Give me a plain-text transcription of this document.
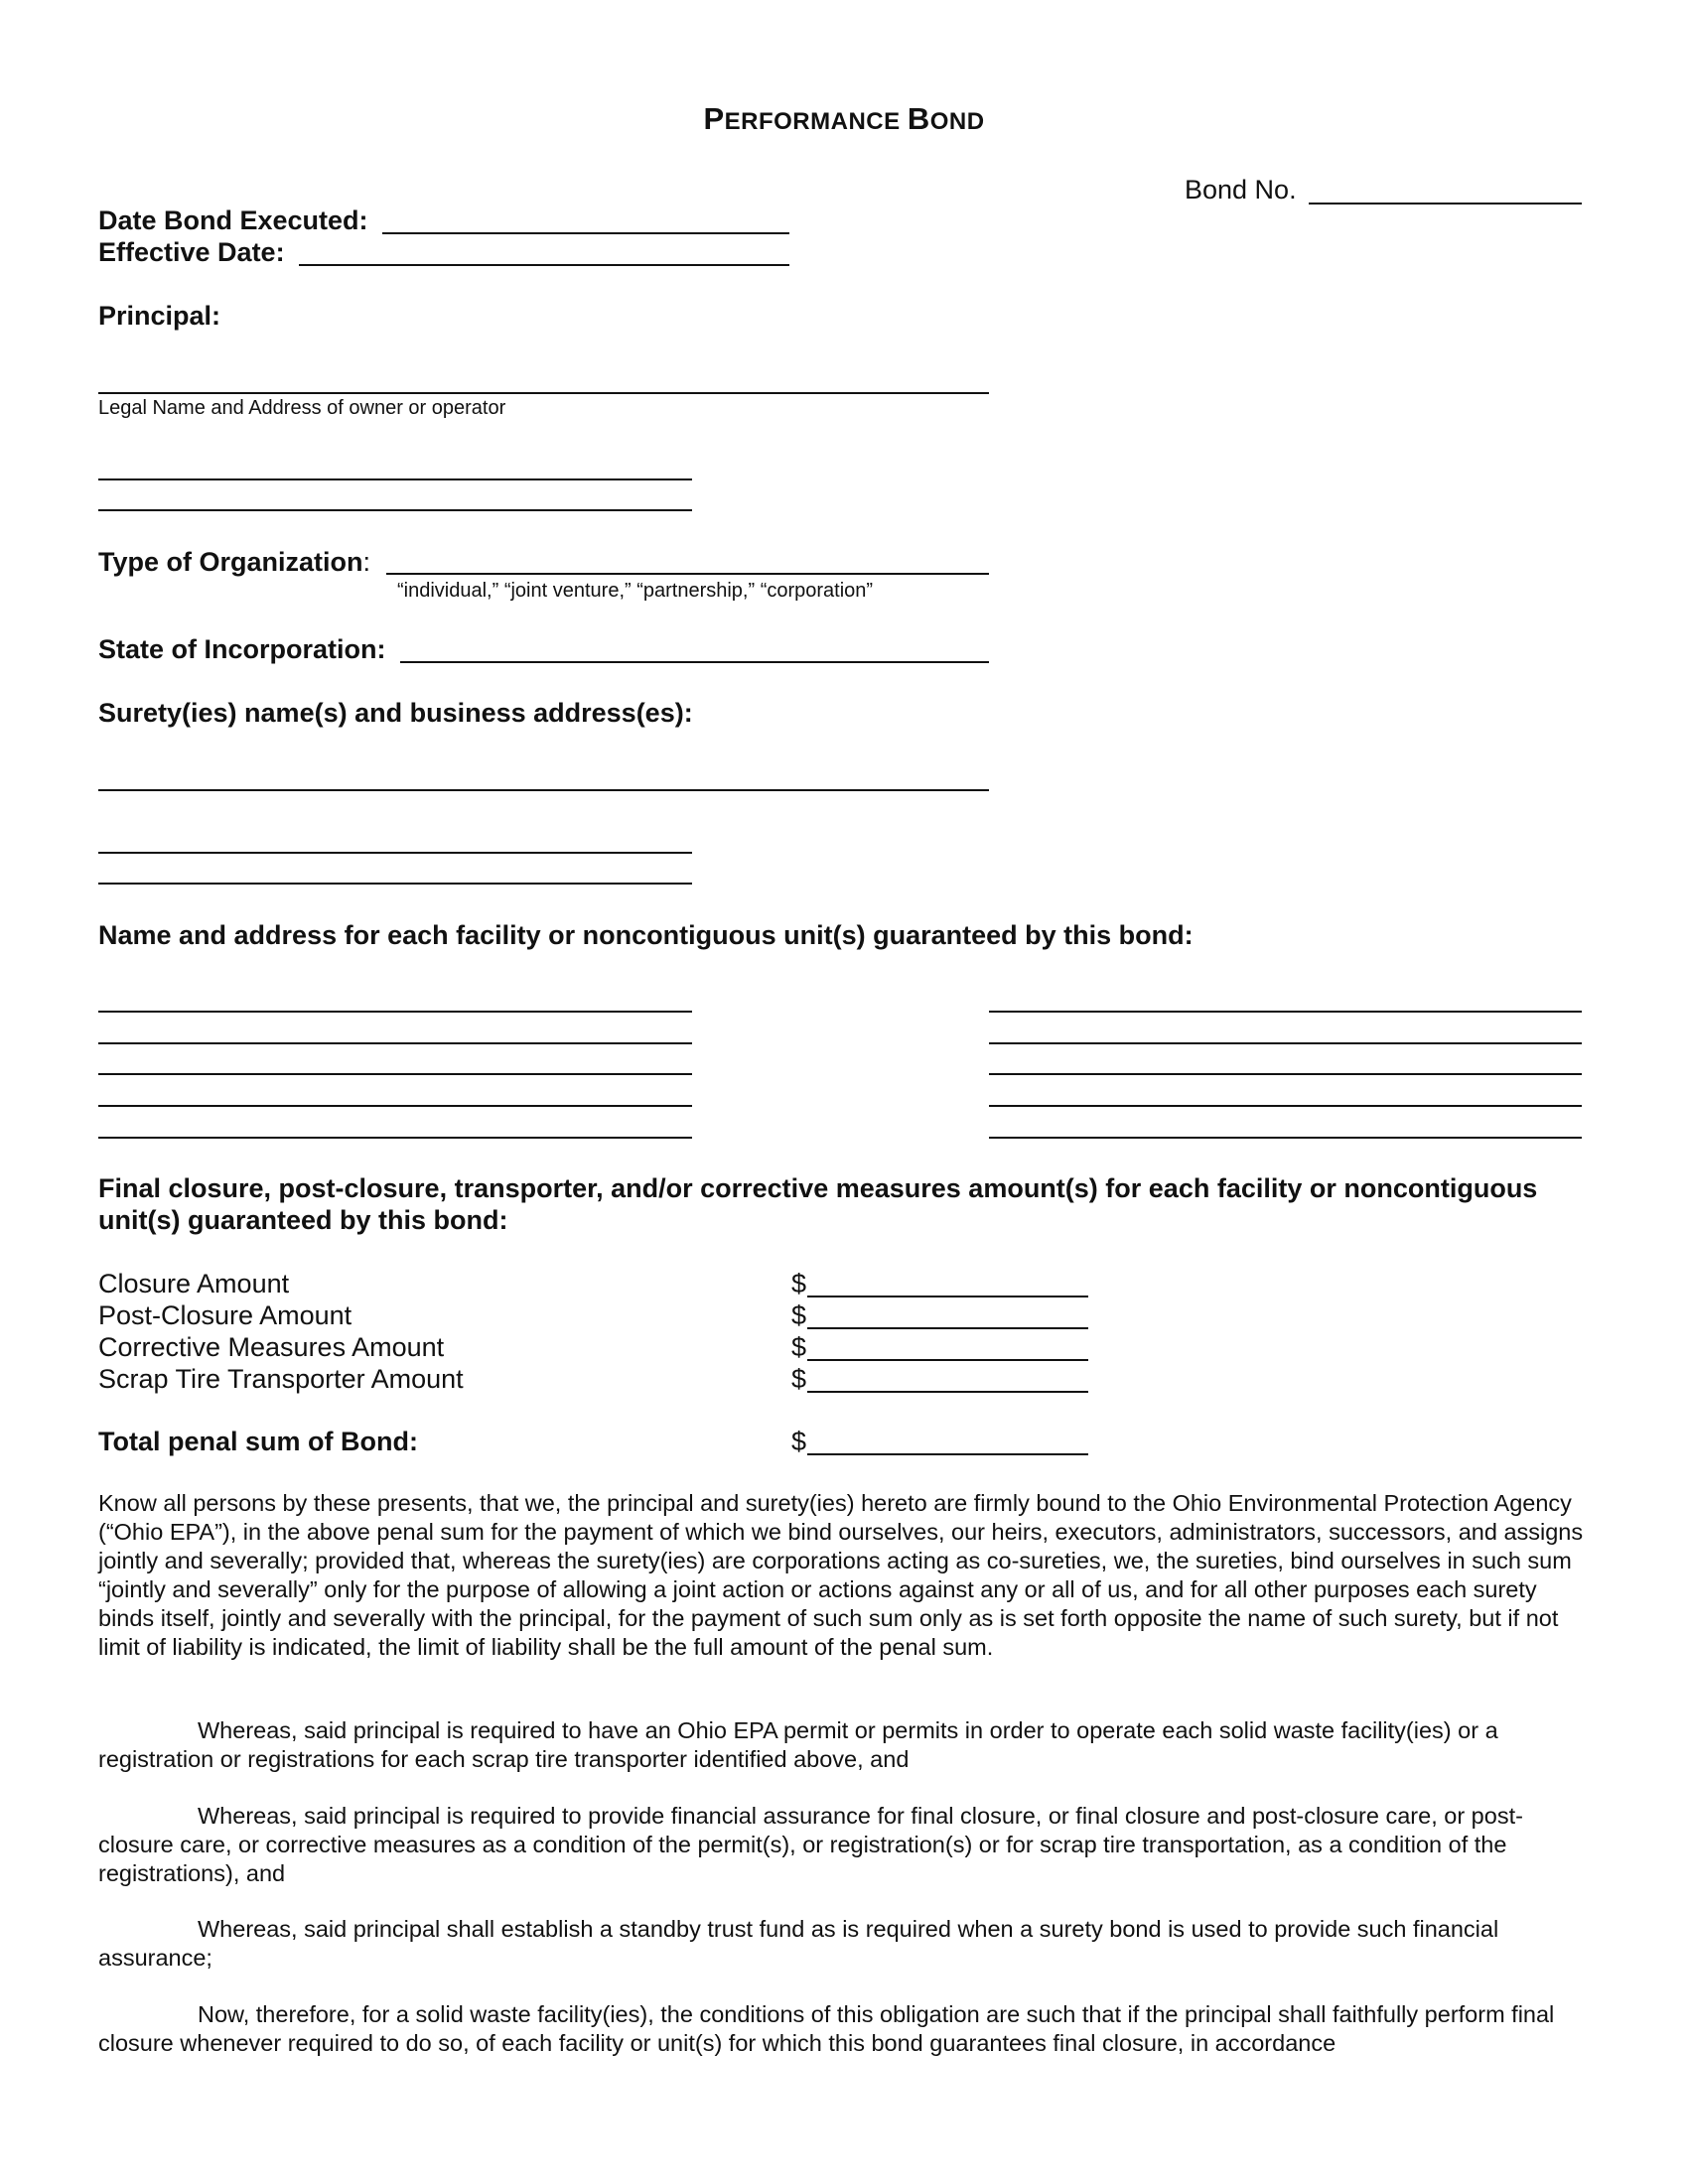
PERFORMANCE BOND
Bond No.
Date Bond Executed:
Effective Date:
Principal:
Legal Name and Address of owner or operator
Type of Organization:
“individual,” “joint venture,” “partnership,” “corporation”
State of Incorporation:
Surety(ies) name(s) and business address(es):
Name and address for each facility or noncontiguous unit(s) guaranteed by this bond:
Final closure, post-closure, transporter, and/or corrective measures amount(s) for each facility or noncontiguous
unit(s) guaranteed by this bond:
Closure Amount	$
Post-Closure Amount	$
Corrective Measures Amount	$
Scrap Tire Transporter Amount	$
Total penal sum of Bond:	$

Know all persons by these presents, that we, the principal and surety(ies) hereto are firmly bound to the Ohio Environmental Protection Agency (“Ohio EPA”), in the above penal sum for the payment of which we bind ourselves, our heirs, executors, administrators, successors, and assigns jointly and severally; provided that, whereas the surety(ies) are corporations acting as co-sureties, we, the sureties, bind ourselves in such sum “jointly and severally” only for the purpose of allowing a joint action or actions against any or all of us, and for all other purposes each surety binds itself, jointly and severally with the principal, for the payment of such sum only as is set forth opposite the name of such surety, but if not limit of liability is indicated, the limit of liability shall be the full amount of the penal sum.

Whereas, said principal is required to have an Ohio EPA permit or permits in order to operate each solid waste facility(ies) or a registration or registrations for each scrap tire transporter identified above, and

Whereas, said principal is required to provide financial assurance for final closure, or final closure and post-closure care, or post-closure care, or corrective measures as a condition of the permit(s), or registration(s) or for scrap tire transportation, as a condition of the registrations), and

Whereas, said principal shall establish a standby trust fund as is required when a surety bond is used to provide such financial assurance;

Now, therefore, for a solid waste facility(ies), the conditions of this obligation are such that if the principal shall faithfully perform final closure whenever required to do so, of each facility or unit(s) for which this bond guarantees final closure, in accordance
